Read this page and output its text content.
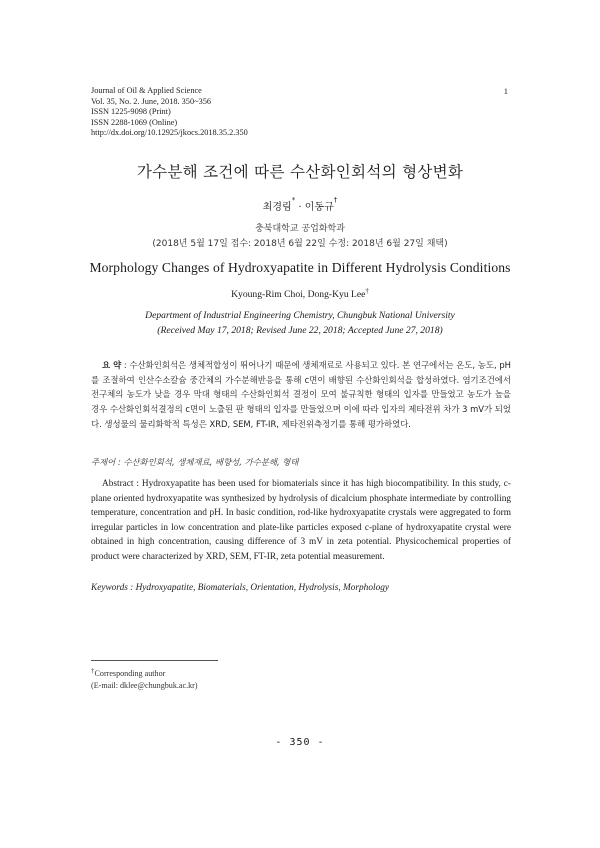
Journal of Oil & Applied Science
Vol. 35, No. 2. June, 2018. 350~356
ISSN 1225-9098 (Print)
ISSN 2288-1069 (Online)
http://dx.doi.org/10.12925/jkocs.2018.35.2.350
1
가수분해 조건에 따른 수산화인회석의 형상변화
최경림* · 이동규†
충북대학교 공업화학과
(2018년 5월 17일 접수: 2018년 6월 22일 수정: 2018년 6월 27일 채택)
Morphology Changes of Hydroxyapatite in Different Hydrolysis Conditions
Kyoung-Rim Choi, Dong-Kyu Lee†
Department of Industrial Engineering Chemistry, Chungbuk National University
(Received May 17, 2018; Revised June 22, 2018; Accepted June 27, 2018)
요 약 : 수산화인회석은 생체적합성이 뛰어나기 때문에 생체재료로 사용되고 있다. 본 연구에서는 온도, 농도, pH를 조절하여 인산수소칼슘 중간체의 가수분해반응을 통해 c면이 배향된 수산화인회석을 합성하였다. 염기조건에서 전구체의 농도가 낮을 경우 막대 형태의 수산화인회석 결정이 모여 불규칙한 형태의 입자를 만들었고 농도가 높을 경우 수산화인회석결정의 c면이 노출된 판 형태의 입자를 만들었으며 이에 따라 입자의 제타전위 차가 3 mV가 되었다. 생성물의 물리화학적 특성은 XRD, SEM, FT-IR, 제타전위측정기를 통해 평가하였다.
주제어 : 수산화인회석, 생체재료, 배향성, 가수분해, 형태
Abstract : Hydroxyapatite has been used for biomaterials since it has high biocompatibility. In this study, c-plane oriented hydroxyapatite was synthesized by hydrolysis of dicalcium phosphate intermediate by controlling temperature, concentration and pH. In basic condition, rod-like hydroxyapatite crystals were aggregated to form irregular particles in low concentration and plate-like particles exposed c-plane of hydroxyapatite crystal were obtained in high concentration, causing difference of 3 mV in zeta potential. Physicochemical properties of product were characterized by XRD, SEM, FT-IR, zeta potential measurement.
Keywords : Hydroxyapatite, Biomaterials, Orientation, Hydrolysis, Morphology
†Corresponding author
(E-mail: dklee@chungbuk.ac.kr)
- 350 -
